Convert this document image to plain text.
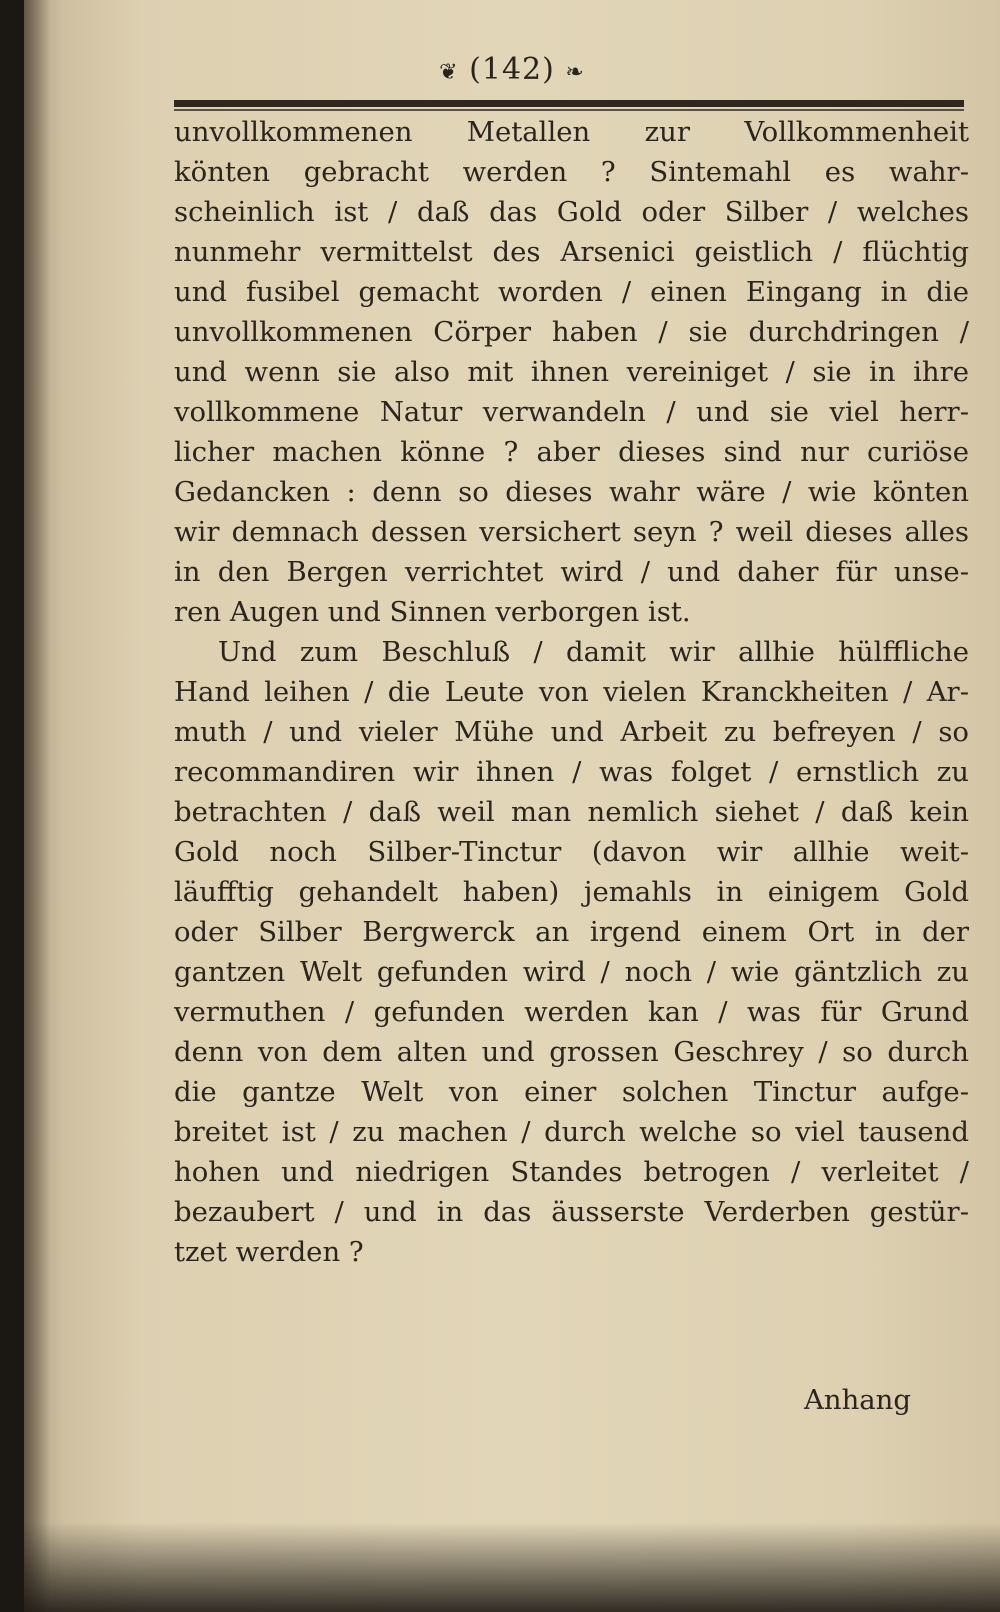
❦ (142) ❧
unvollkommenen Metallen zur Vollkommenheit
könten gebracht werden ? Sintemahl es wahr-
scheinlich ist / daß das Gold oder Silber / welches
nunmehr vermittelst des Arsenici geistlich / flüchtig
und fusibel gemacht worden / einen Eingang in die
unvollkommenen Cörper haben / sie durchdringen /
und wenn sie also mit ihnen vereiniget / sie in ihre
vollkommene Natur verwandeln / und sie viel herr-
licher machen könne ? aber dieses sind nur curiöse
Gedancken : denn so dieses wahr wäre / wie könten
wir demnach dessen versichert seyn ? weil dieses alles
in den Bergen verrichtet wird / und daher für unse-
ren Augen und Sinnen verborgen ist.
Und zum Beschluß / damit wir allhie hülffliche
Hand leihen / die Leute von vielen Kranckheiten / Ar-
muth / und vieler Mühe und Arbeit zu befreyen / so
recommandiren wir ihnen / was folget / ernstlich zu
betrachten / daß weil man nemlich siehet / daß kein
Gold noch Silber-Tinctur (davon wir allhie weit-
läufftig gehandelt haben) jemahls in einigem Gold
oder Silber Bergwerck an irgend einem Ort in der
gantzen Welt gefunden wird / noch / wie gäntzlich zu
vermuthen / gefunden werden kan / was für Grund
denn von dem alten und grossen Geschrey / so durch
die gantze Welt von einer solchen Tinctur aufge-
breitet ist / zu machen / durch welche so viel tausend
hohen und niedrigen Standes betrogen / verleitet /
bezaubert / und in das äusserste Verderben gestür-
tzet werden ?
Anhang
